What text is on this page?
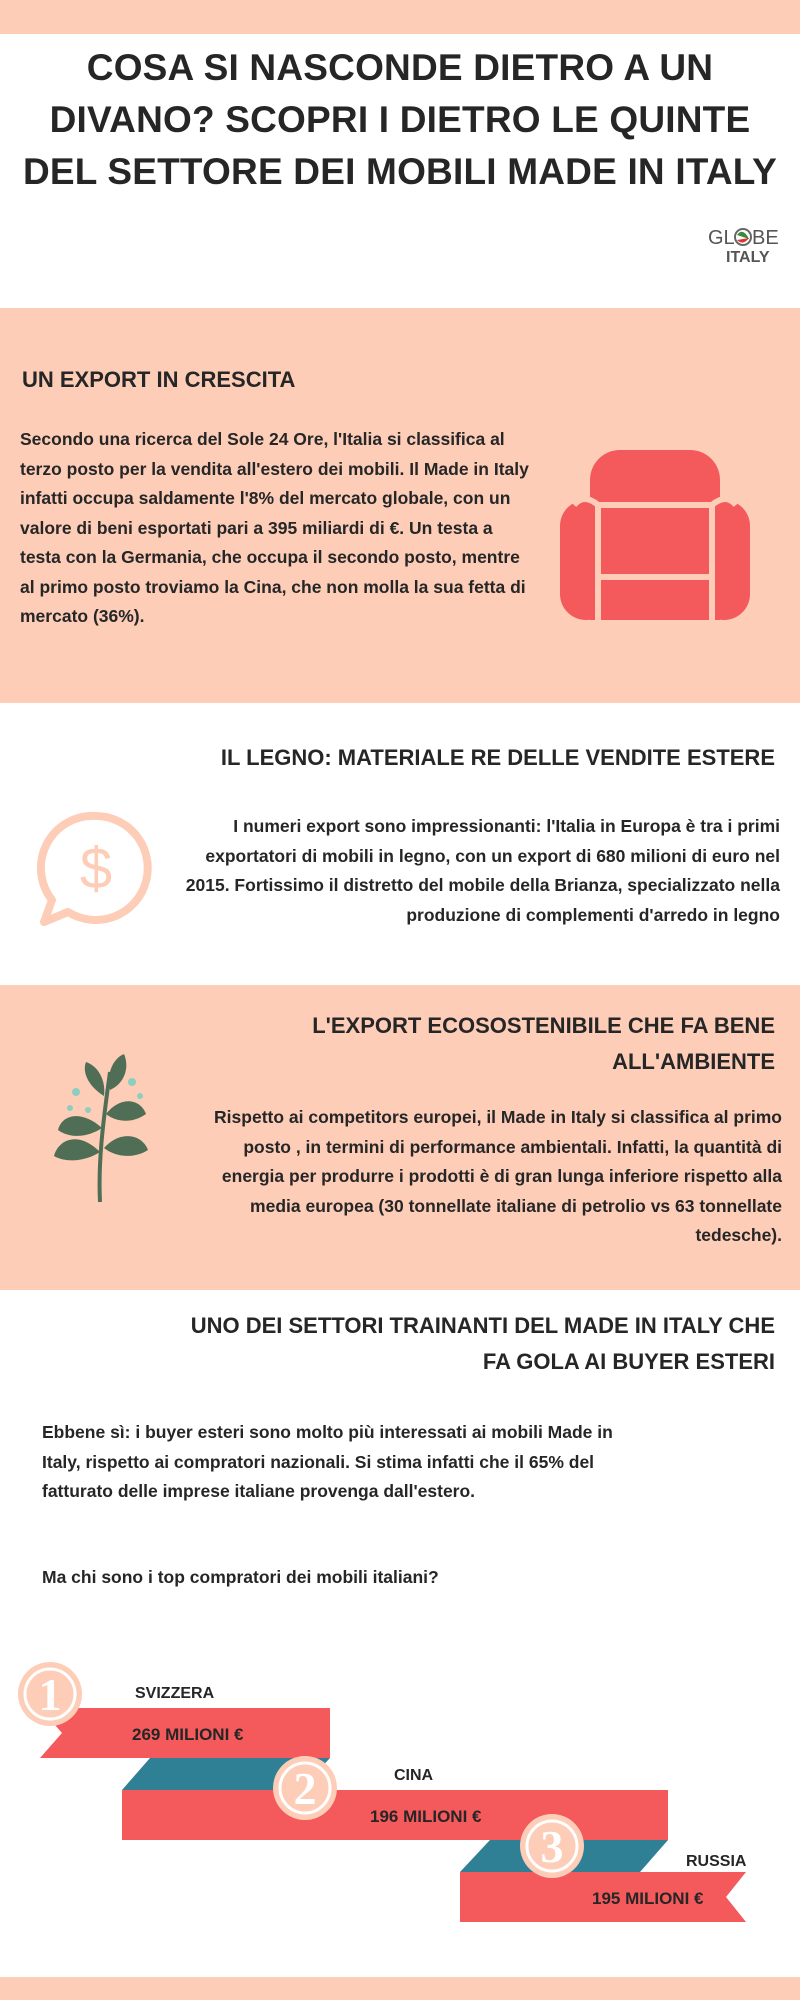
COSA SI NASCONDE DIETRO A UN DIVANO? SCOPRI I DIETRO LE QUINTE DEL SETTORE DEI MOBILI MADE IN ITALY
GL BE
ITALY
UN EXPORT IN CRESCITA
Secondo una ricerca del Sole 24 Ore, l'Italia si classifica al terzo posto per la vendita all'estero dei mobili. Il Made in Italy infatti occupa saldamente l'8% del mercato globale, con un valore di beni esportati pari a 395 miliardi di €. Un testa a testa con la Germania, che occupa il secondo posto, mentre al primo posto troviamo la Cina, che non molla la sua fetta di mercato (36%).
IL LEGNO: MATERIALE RE DELLE VENDITE ESTERE
I numeri export sono impressionanti: l'Italia in Europa è tra i primi exportatori di mobili in legno, con un export di 680 milioni di euro nel 2015. Fortissimo il distretto del mobile della Brianza, specializzato nella produzione di complementi d'arredo in legno
$
L'EXPORT ECOSOSTENIBILE CHE FA BENE
ALL'AMBIENTE
Rispetto ai competitors europei, il Made in Italy si classifica al primo posto , in termini di performance ambientali. Infatti, la quantità di energia per produrre i prodotti è di gran lunga inferiore rispetto alla media europea (30 tonnellate italiane di petrolio vs 63 tonnellate tedesche).
UNO DEI SETTORI TRAINANTI DEL MADE IN ITALY CHE
FA GOLA AI BUYER ESTERI
Ebbene sì: i buyer esteri sono molto più interessati ai mobili Made in Italy, rispetto ai compratori nazionali. Si stima infatti che il 65% del fatturato delle imprese italiane provenga dall'estero.
Ma chi sono i top compratori dei mobili italiani?
1
2
3
269 MILIONI €
196 MILIONI €
195 MILIONI €
SVIZZERA
CINA
RUSSIA
